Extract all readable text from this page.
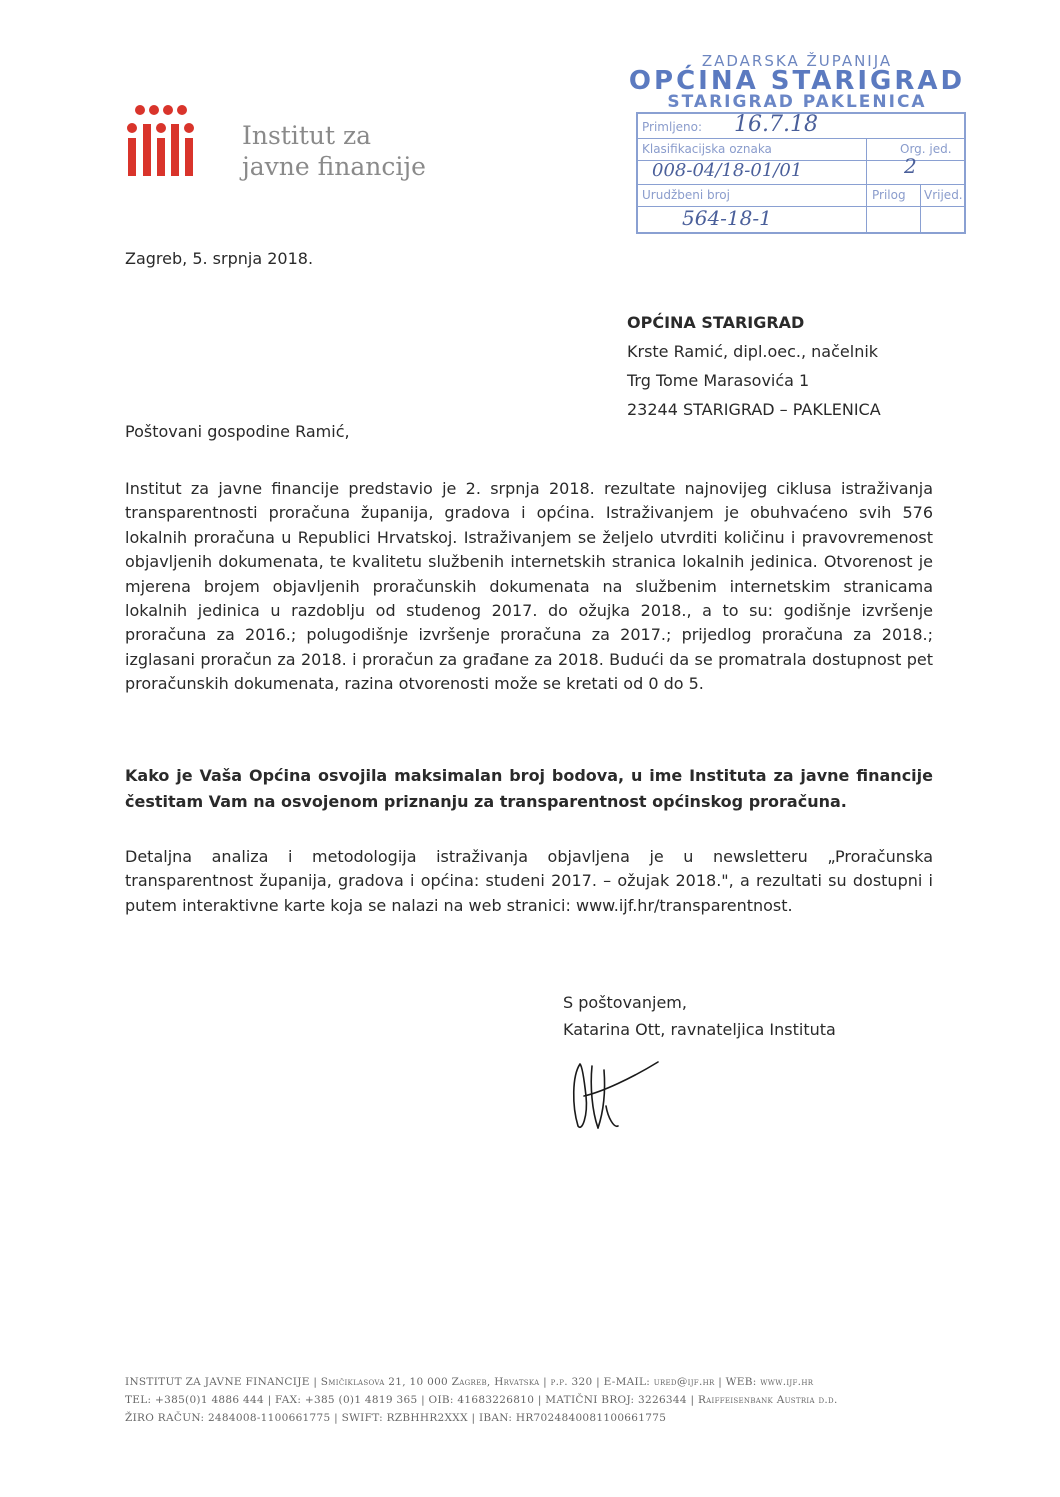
Institut za
javne financije
ZADARSKA ŽUPANIJA
OPĆINA STARIGRAD
STARIGRAD PAKLENICA
Primljeno: 16.7.18
Klasifikacijska oznaka	Org. jed.
008-04/18-01/01	2
Urudžbeni broj	Prilog Vrijed.
564-18-1
Zagreb, 5. srpnja 2018.
OPĆINA STARIGRAD
Krste Ramić, dipl.oec., načelnik
Trg Tome Marasovića 1
23244 STARIGRAD – PAKLENICA
Poštovani gospodine Ramić,
Institut za javne financije predstavio je 2. srpnja 2018. rezultate najnovijeg ciklusa istraživanja transparentnosti proračuna županija, gradova i općina. Istraživanjem je obuhvaćeno svih 576 lokalnih proračuna u Republici Hrvatskoj. Istraživanjem se željelo utvrditi količinu i pravovremenost objavljenih dokumenata, te kvalitetu službenih internetskih stranica lokalnih jedinica. Otvorenost je mjerena brojem objavljenih proračunskih dokumenata na službenim internetskim stranicama lokalnih jedinica u razdoblju od studenog 2017. do ožujka 2018., a to su: godišnje izvršenje proračuna za 2016.; polugodišnje izvršenje proračuna za 2017.; prijedlog proračuna za 2018.; izglasani proračun za 2018. i proračun za građane za 2018. Budući da se promatrala dostupnost pet proračunskih dokumenata, razina otvorenosti može se kretati od 0 do 5.
Kako je Vaša Općina osvojila maksimalan broj bodova, u ime Instituta za javne financije čestitam Vam na osvojenom priznanju za transparentnost općinskog proračuna.
Detaljna analiza i metodologija istraživanja objavljena je u newsletteru „Proračunska transparentnost županija, gradova i općina: studeni 2017. – ožujak 2018.", a rezultati su dostupni i putem interaktivne karte koja se nalazi na web stranici: www.ijf.hr/transparentnost.
S poštovanjem,
Katarina Ott, ravnateljica Instituta
INSTITUT ZA JAVNE FINANCIJE | Smičiklasova 21, 10 000 Zagreb, Hrvatska | p.p. 320 | E-MAIL: ured@ijf.hr | WEB: www.ijf.hr
TEL: +385(0)1 4886 444 | FAX: +385 (0)1 4819 365 | OIB: 41683226810 | MATIČNI BROJ: 3226344 | Raiffeisenbank Austria d.d.
ŽIRO RAČUN: 2484008-1100661775 | SWIFT: RZBHHR2XXX | IBAN: HR7024840081100661775
